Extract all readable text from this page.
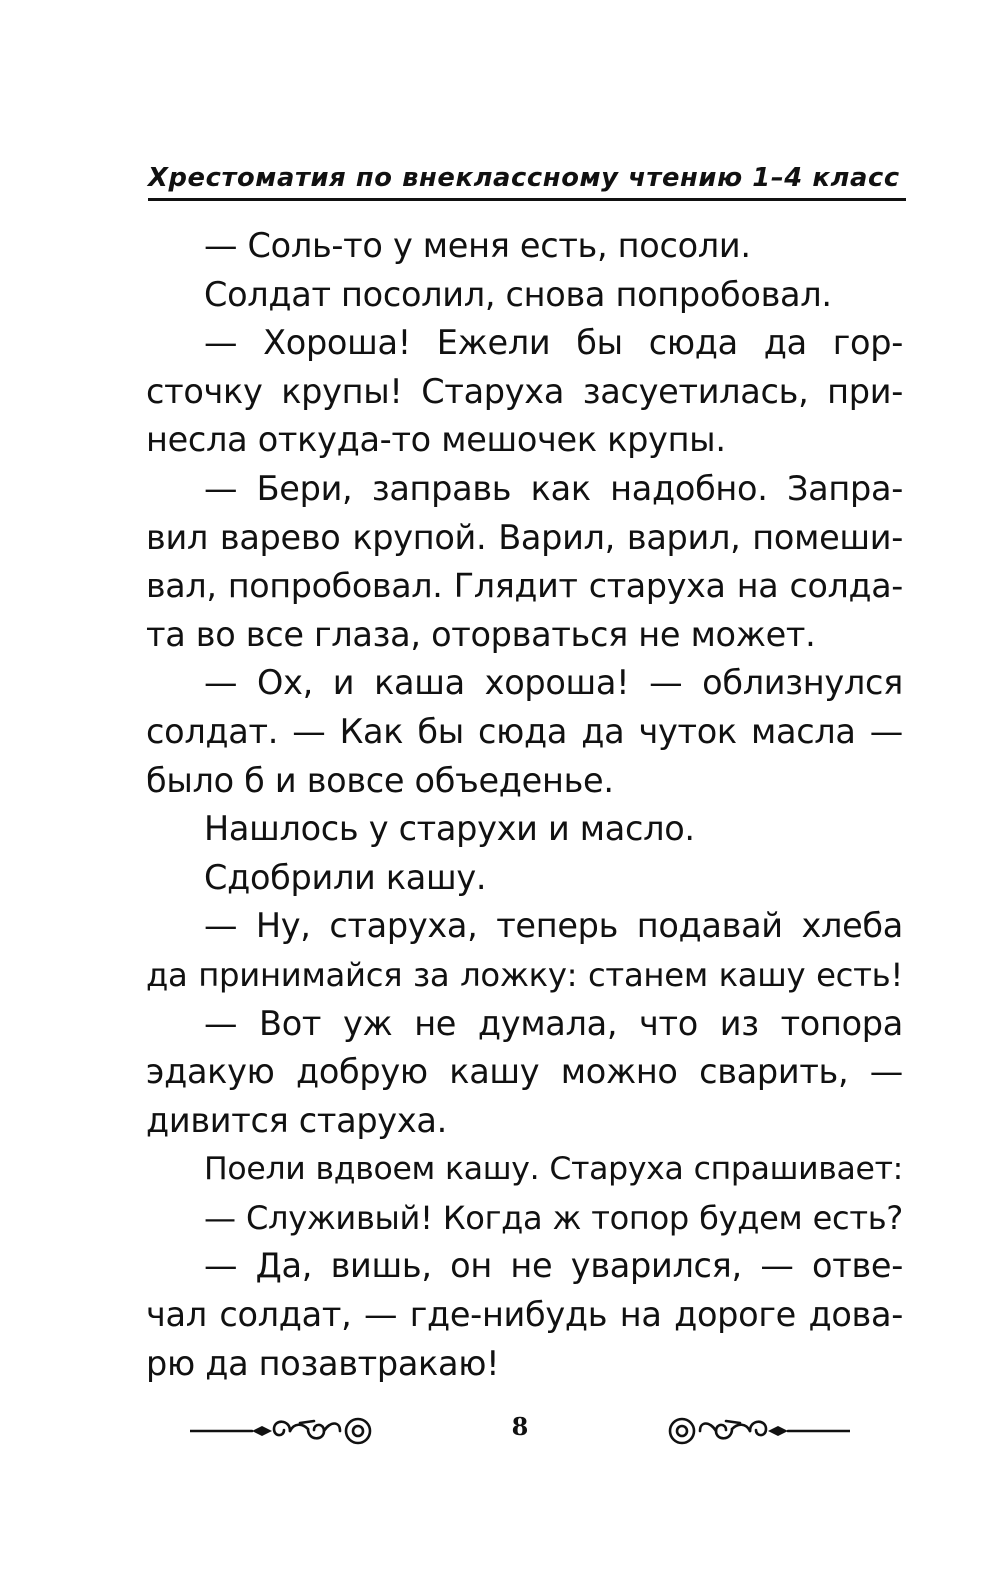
Хрестоматия по внеклассному чтению 1–4 класс
— Соль-то у меня есть, посоли.
Солдат посолил, снова попробовал.
— Хороша! Ежели бы сюда да гор-
сточку крупы! Старуха засуетилась, при-
несла откуда-то мешочек крупы.
— Бери, заправь как надобно. Запра-
вил варево крупой. Варил, варил, помеши-
вал, попробовал. Глядит старуха на солда-
та во все глаза, оторваться не может.
— Ох, и каша хороша! — облизнулся
солдат. — Как бы сюда да чуток масла —
было б и вовсе объеденье.
Нашлось у старухи и масло.
Сдобрили кашу.
— Ну, старуха, теперь подавай хлеба
да принимайся за ложку: станем кашу есть!
— Вот уж не думала, что из топора
эдакую добрую кашу можно сварить, —
дивится старуха.
Поели вдвоем кашу. Старуха спрашивает:
— Служивый! Когда ж топор будем есть?
— Да, вишь, он не уварился, — отве-
чал солдат, — где-нибудь на дороге дова-
рю да позавтракаю!
8
